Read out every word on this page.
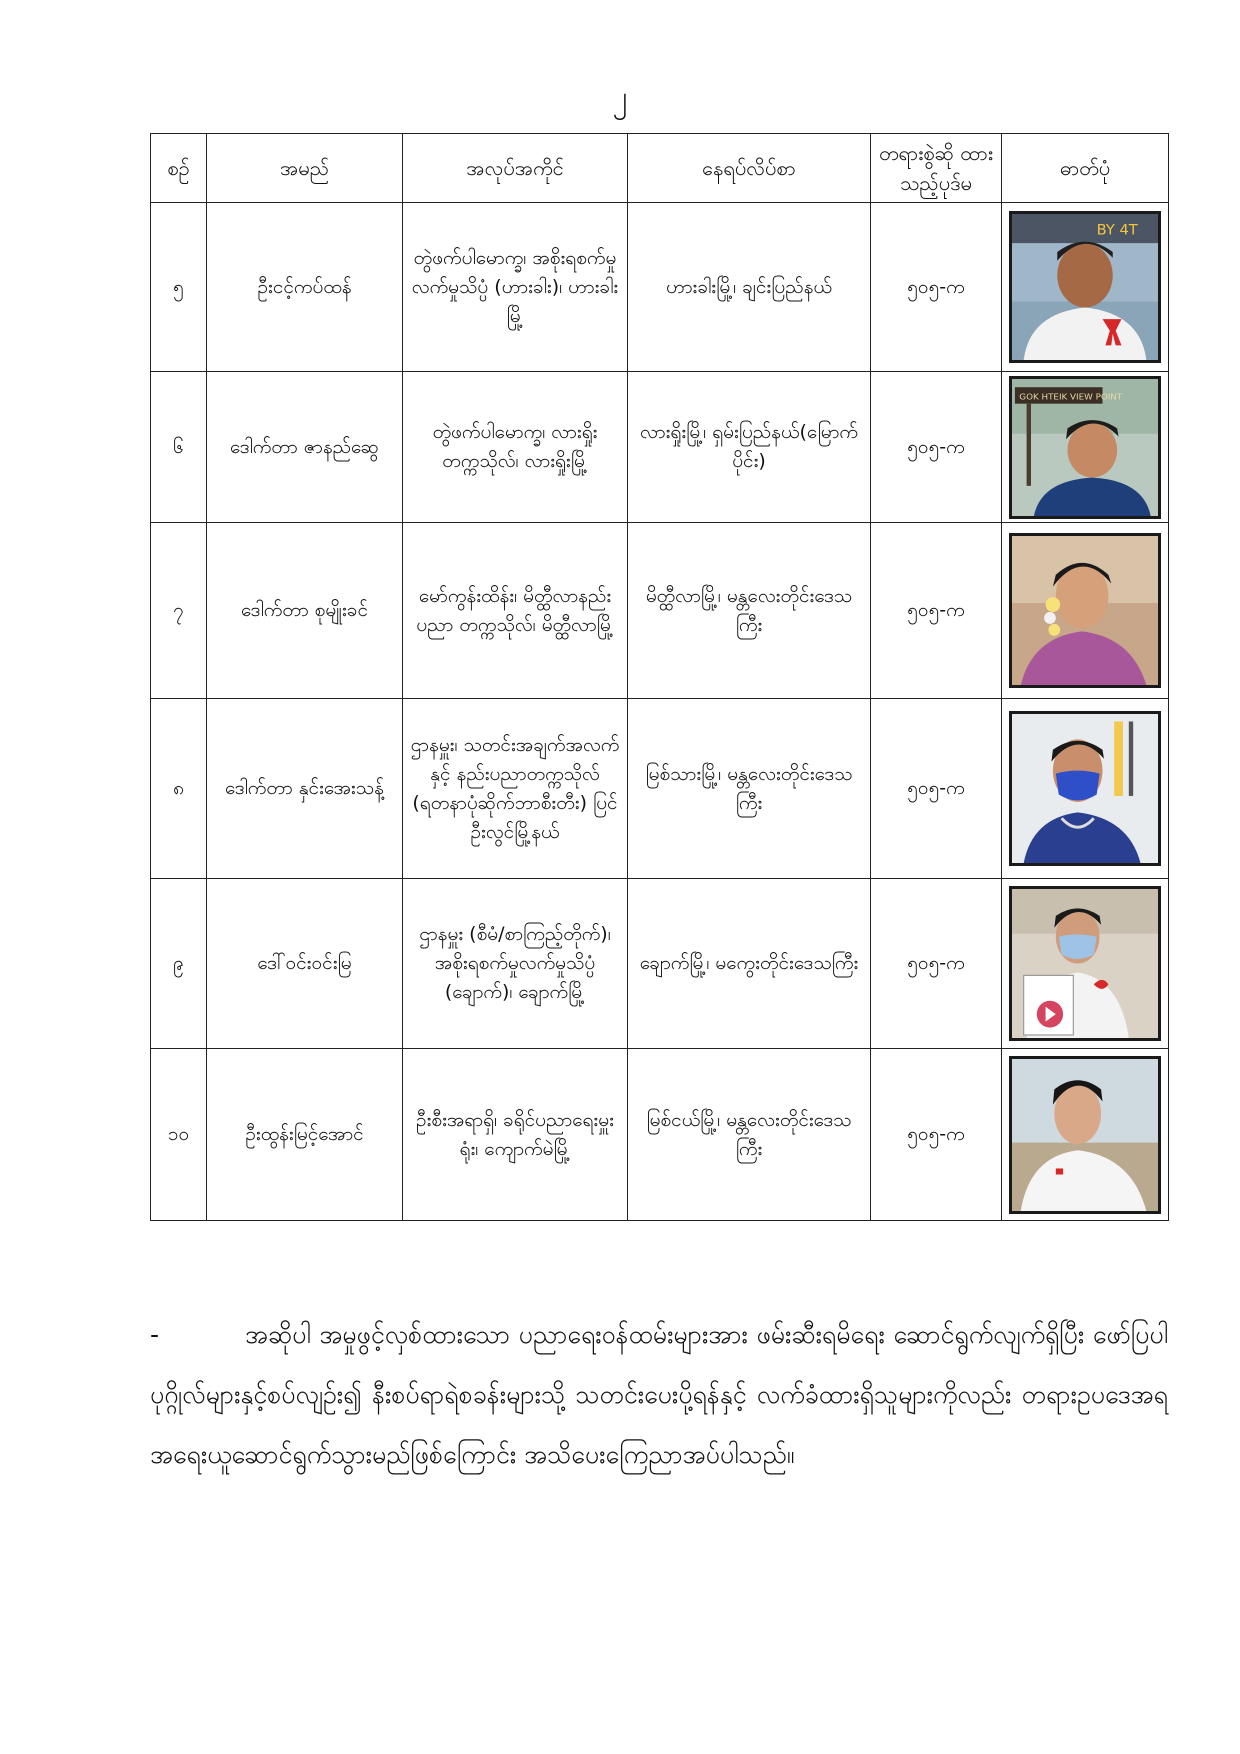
၂
စဉ်	အမည်	အလုပ်အကိုင်	နေရပ်လိပ်စာ	တရားစွဲဆို ထားသည့်ပုဒ်မ	ဓာတ်ပုံ
၅	ဦးငင့်ကပ်ထန်	တွဲဖက်ပါမောက္ခ၊ အစိုးရစက်မှုလက်မှုသိပ္ပံ (ဟားခါး)၊ ဟားခါးမြို့	ဟားခါးမြို့၊ ချင်းပြည်နယ်	၅၀၅-က	BY 4T

၆	ဒေါက်တာ ဇာနည်ဆွေ	တွဲဖက်ပါမောက္ခ၊ လားရှိုးတက္ကသိုလ်၊ လားရှိုးမြို့	လားရှိုးမြို့၊ ရှမ်းပြည်နယ်(မြောက်ပိုင်း)	၅၀၅-က	GOK HTEIK VIEW POINT

၇	ဒေါက်တာ စုမျိုးခင်	မော်ကွန်းထိန်း၊ မိတ္ထီလာနည်းပညာ တက္ကသိုလ်၊ မိတ္ထီလာမြို့	မိတ္ထီလာမြို့၊ မန္တလေးတိုင်းဒေသကြီး	၅၀၅-က	

၈	ဒေါက်တာ နှင်းအေးသန့်	ဌာနမှူး၊ သတင်းအချက်အလက်နှင့် နည်းပညာတက္ကသိုလ် (ရတနာပုံဆိုက်ဘာစီးတီး) ပြင်ဦးလွင်မြို့နယ်	မြစ်သားမြို့၊ မန္တလေးတိုင်းဒေသကြီး	၅၀၅-က	

၉	ဒေါ်ဝင်းဝင်းမြ	ဌာနမှူး (စီမံ/စာကြည့်တိုက်)၊ အစိုးရစက်မှုလက်မှုသိပ္ပံ (ချောက်)၊ ချောက်မြို့	ချောက်မြို့၊ မကွေးတိုင်းဒေသကြီး	၅၀၅-က	

၁၀	ဦးထွန်းမြင့်အောင်	ဦးစီးအရာရှိ၊ ခရိုင်ပညာရေးမှူးရုံး၊ ကျောက်မဲမြို့	မြစ်ငယ်မြို့၊ မန္တလေးတိုင်းဒေသကြီး	၅၀၅-က	
-	အဆိုပါ အမှုဖွင့်လှစ်ထားသော ပညာရေးဝန်ထမ်းများအား ဖမ်းဆီးရမိရေး ဆောင်ရွက်လျက်ရှိပြီး ဖော်ပြပါပုဂ္ဂိုလ်များနှင့်စပ်လျဉ်း၍ နီးစပ်ရာရဲစခန်းများသို့ သတင်းပေးပို့ရန်နှင့် လက်ခံထားရှိသူများကိုလည်း တရားဥပဒေအရ အရေးယူဆောင်ရွက်သွားမည်ဖြစ်ကြောင်း အသိပေးကြေညာအပ်ပါသည်။
